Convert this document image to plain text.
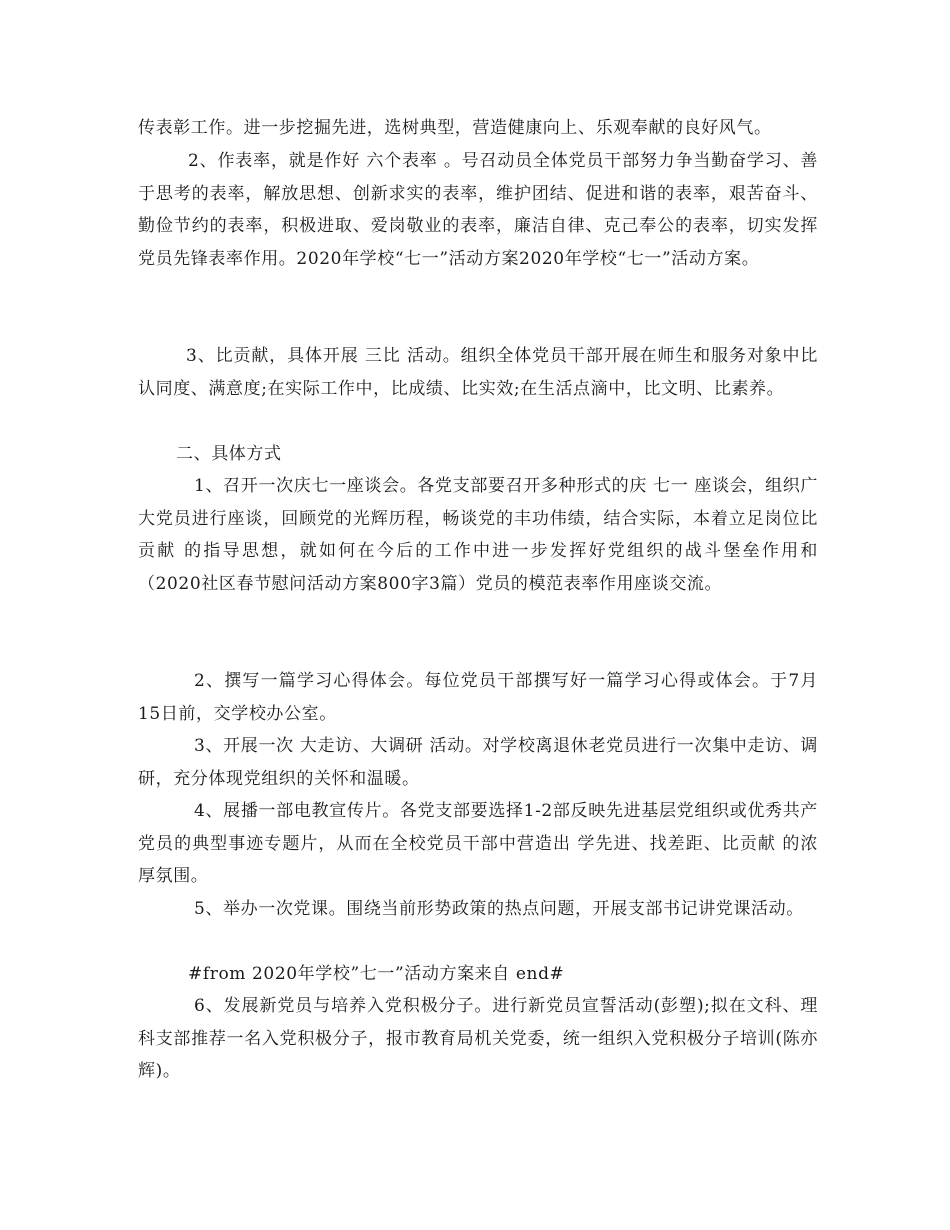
传表彰工作。进一步挖掘先进，选树典型，营造健康向上、乐观奉献的良好风气。

2、作表率，就是作好 六个表率 。号召动员全体党员干部努力争当勤奋学习、善于思考的表率，解放思想、创新求实的表率，维护团结、促进和谐的表率，艰苦奋斗、勤俭节约的表率，积极进取、爱岗敬业的表率，廉洁自律、克己奉公的表率，切实发挥党员先锋表率作用。2020年学校“七一”活动方案2020年学校“七一”活动方案。

3、比贡献，具体开展 三比 活动。组织全体党员干部开展在师生和服务对象中比认同度、满意度;在实际工作中，比成绩、比实效;在生活点滴中，比文明、比素养。

二、具体方式

1、召开一次庆七一座谈会。各党支部要召开多种形式的庆 七一 座谈会，组织广大党员进行座谈，回顾党的光辉历程，畅谈党的丰功伟绩，结合实际，本着立足岗位比贡献 的指导思想，就如何在今后的工作中进一步发挥好党组织的战斗堡垒作用和（2020社区春节慰问活动方案800字3篇）党员的模范表率作用座谈交流。

2、撰写一篇学习心得体会。每位党员干部撰写好一篇学习心得或体会。于7月15日前，交学校办公室。

3、开展一次 大走访、大调研 活动。对学校离退休老党员进行一次集中走访、调研，充分体现党组织的关怀和温暖。

4、展播一部电教宣传片。各党支部要选择1-2部反映先进基层党组织或优秀共产党员的典型事迹专题片，从而在全校党员干部中营造出 学先进、找差距、比贡献 的浓厚氛围。

5、举办一次党课。围绕当前形势政策的热点问题，开展支部书记讲党课活动。

#from 2020年学校”七一”活动方案来自 end#

6、发展新党员与培养入党积极分子。进行新党员宣誓活动(彭塑);拟在文科、理科支部推荐一名入党积极分子，报市教育局机关党委，统一组织入党积极分子培训(陈亦辉)。
